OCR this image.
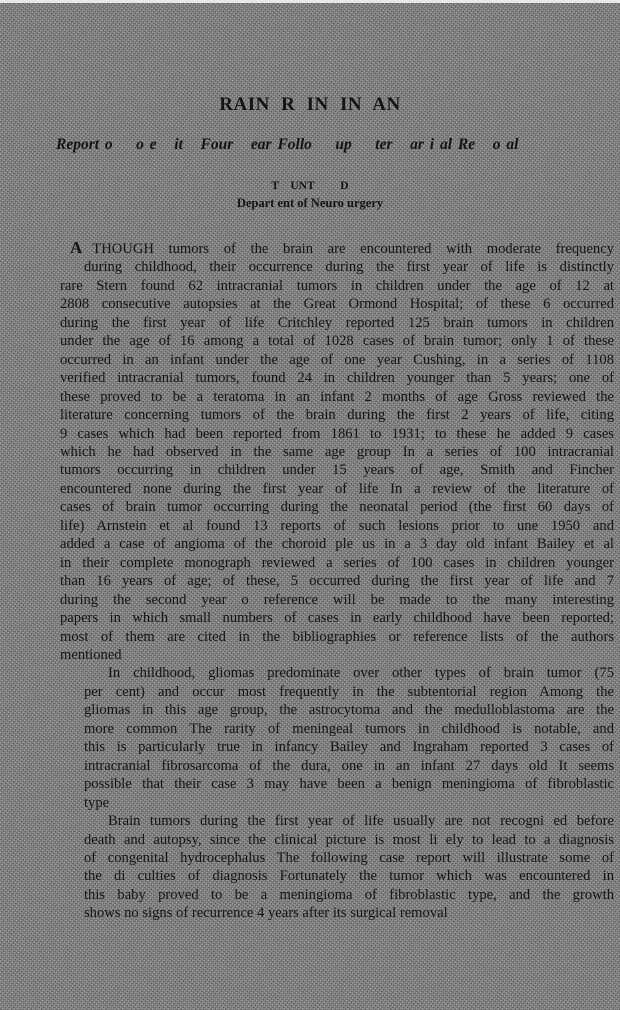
RAIN R IN IN AN
Report o    o e   it   Four   ear Follo    up    ter   ar i al Re   o al
T    UNT         D
Depart ent of Neuro urgery
A THOUGH tumors of the brain are encountered with moderate frequency
during childhood, their occurrence during the first year of life is distinctly
rare Stern found 62 intracranial tumors in children under the age of 12 at
2808 consecutive autopsies at the Great Ormond Hospital; of these 6 occurred
during the first year of life Critchley reported 125 brain tumors in children
under the age of 16 among a total of 1028 cases of brain tumor; only 1 of these
occurred in an infant under the age of one year Cushing, in a series of 1108
verified intracranial tumors, found 24 in children younger than 5 years; one of
these proved to be a teratoma in an infant 2 months of age Gross reviewed the
literature concerning tumors of the brain during the first 2 years of life, citing
9 cases which had been reported from 1861 to 1931; to these he added 9 cases
which he had observed in the same age group In a series of 100 intracranial
tumors occurring in children under 15 years of age, Smith and Fincher
encountered none during the first year of life In a review of the literature of
cases of brain tumor occurring during the neonatal period (the first 60 days of
life) Arnstein et al found 13 reports of such lesions prior to une 1950 and
added a case of angioma of the choroid ple us in a 3 day old infant Bailey et al
in their complete monograph reviewed a series of 100 cases in children younger
than 16 years of age; of these, 5 occurred during the first year of life and 7
during the second year o reference will be made to the many interesting
papers in which small numbers of cases in early childhood have been reported;
most of them are cited in the bibliographies or reference lists of the authors
mentioned
In childhood, gliomas predominate over other types of brain tumor (75
per cent) and occur most frequently in the subtentorial region Among the
gliomas in this age group, the astrocytoma and the medulloblastoma are the
more common The rarity of meningeal tumors in childhood is notable, and
this is particularly true in infancy Bailey and Ingraham reported 3 cases of
intracranial fibrosarcoma of the dura, one in an infant 27 days old It seems
possible that their case 3 may have been a benign meningioma of fibroblastic
type
Brain tumors during the first year of life usually are not recogni ed before
death and autopsy, since the clinical picture is most li ely to lead to a diagnosis
of congenital hydrocephalus The following case report will illustrate some of
the di culties of diagnosis Fortunately the tumor which was encountered in
this baby proved to be a meningioma of fibroblastic type, and the growth
shows no signs of recurrence 4 years after its surgical removal
